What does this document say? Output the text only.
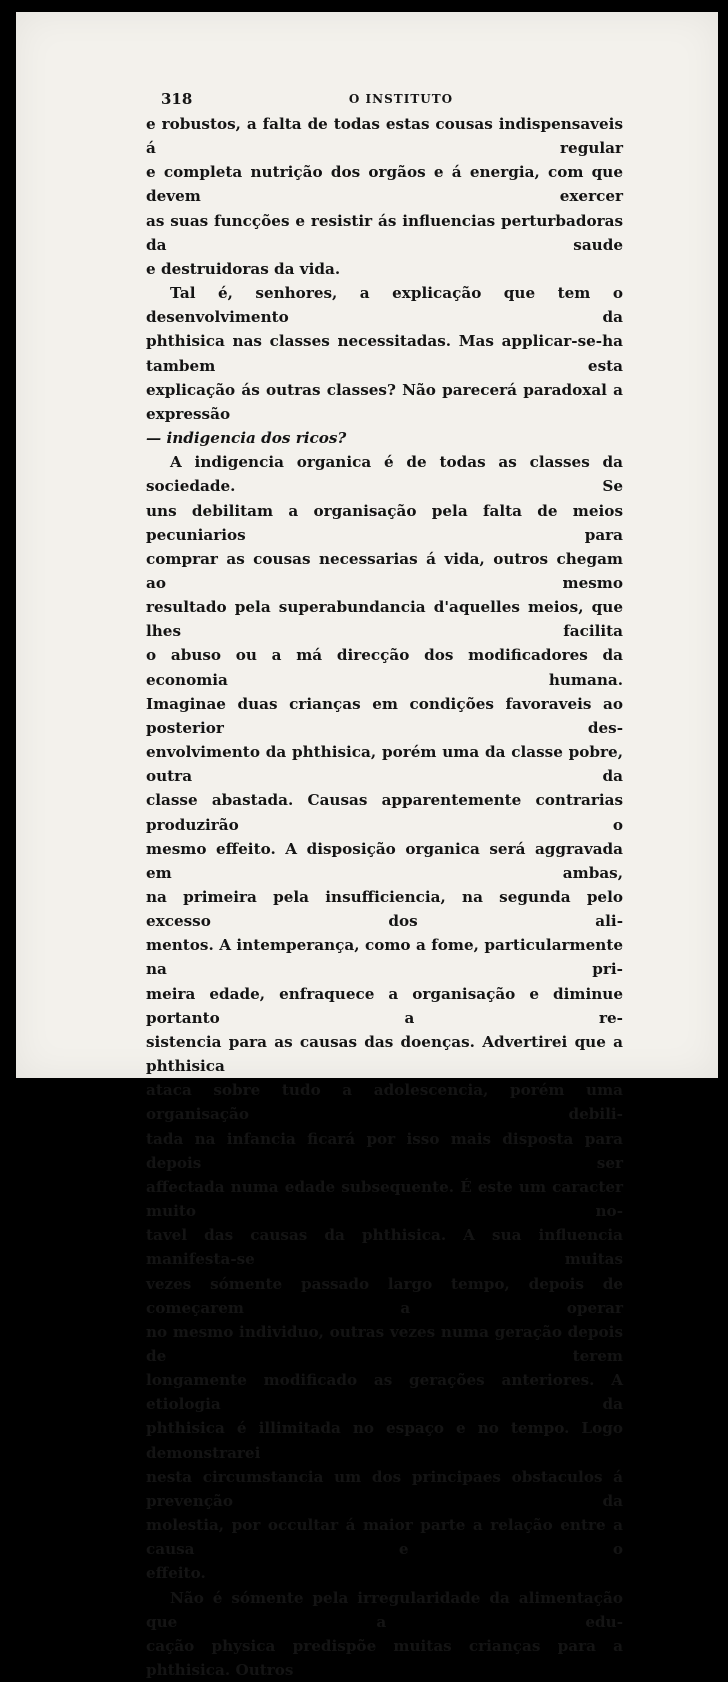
318	O INSTITUTO

e robustos, a falta de todas estas cousas indispensaveis á regular

e completa nutrição dos orgãos e á energia, com que devem exercer

as suas funcções e resistir ás influencias perturbadoras da saude

e destruidoras da vida.

Tal é, senhores, a explicação que tem o desenvolvimento da

phthisica nas classes necessitadas. Mas applicar-se-ha tambem esta

explicação ás outras classes? Não parecerá paradoxal a expressão

— indigencia dos ricos?

A indigencia organica é de todas as classes da sociedade. Se

uns debilitam a organisação pela falta de meios pecuniarios para

comprar as cousas necessarias á vida, outros chegam ao mesmo

resultado pela superabundancia d'aquelles meios, que lhes facilita

o abuso ou a má direcção dos modificadores da economia humana.

Imaginae duas crianças em condições favoraveis ao posterior des-

envolvimento da phthisica, porém uma da classe pobre, outra da

classe abastada. Causas apparentemente contrarias produzirão o

mesmo effeito. A disposição organica será aggravada em ambas,

na primeira pela insufficiencia, na segunda pelo excesso dos ali-

mentos. A intemperança, como a fome, particularmente na pri-

meira edade, enfraquece a organisação e diminue portanto a re-

sistencia para as causas das doenças. Advertirei que a phthisica

ataca sobre tudo a adolescencia, porém uma organisação debili-

tada na infancia ficará por isso mais disposta para depois ser

affectada numa edade subsequente. É este um caracter muito no-

tavel das causas da phthisica. A sua influencia manifesta-se muitas

vezes sómente passado largo tempo, depois de começarem a operar

no mesmo individuo, outras vezes numa geração depois de terem

longamente modificado as gerações anteriores. A etiologia da

phthisica é illimitada no espaço e no tempo. Logo demonstrarei

nesta circumstancia um dos principaes obstaculos á prevenção da

molestia, por occultar á maior parte a relação entre a causa e o

effeito.

Não é sómente pela irregularidade da alimentação que a edu-

cação physica predispõe muitas crianças para a phthisica. Outros
